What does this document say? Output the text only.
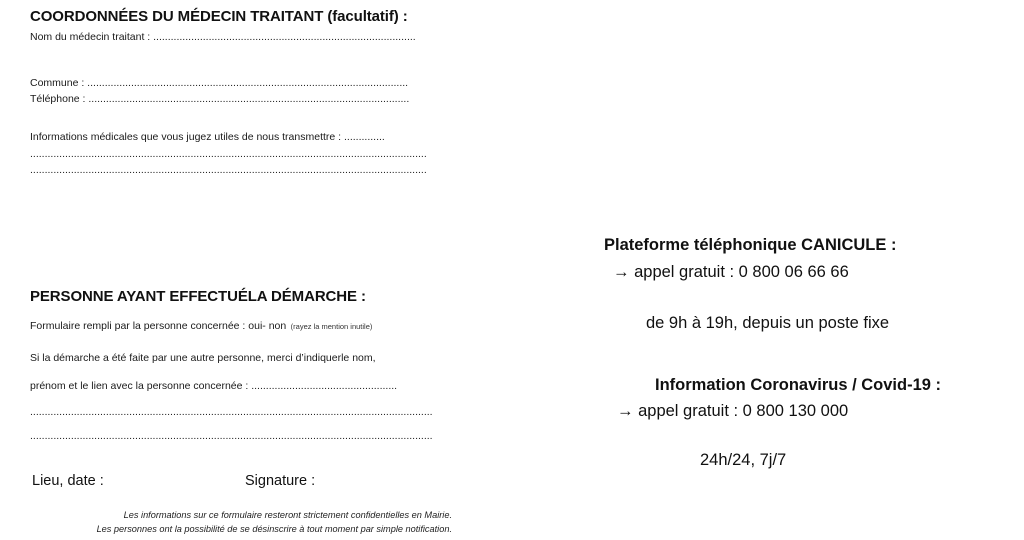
COORDONNÉES DU MÉDECIN TRAITANT (facultatif) :
Nom du médecin traitant : ..........................................................................................
Commune : ..............................................................................................................
Téléphone : ..............................................................................................................
Informations médicales que vous jugez utiles de nous transmettre : ..............
........................................................................................................................................
........................................................................................................................................
PERSONNE AYANT EFFECTUÉLA DÉMARCHE :
Formulaire rempli par la personne concernée : oui- non (rayez la mention inutile)
Si la démarche a été faite par une autre personne, merci d’indiquerle nom,
prénom et le lien avec la personne concernée : ..................................................
..........................................................................................................................................
..........................................................................................................................................
Lieu, date :	Signature :
Les informations sur ce formulaire resteront strictement confidentielles en Mairie.
Les personnes ont la possibilité de se désinscrire à tout moment par simple notification.
Plateforme téléphonique CANICULE :
→ appel gratuit : 0 800 06 66 66
de 9h à 19h, depuis un poste fixe
Information Coronavirus / Covid-19 :
→ appel gratuit : 0 800 130 000
24h/24, 7j/7
